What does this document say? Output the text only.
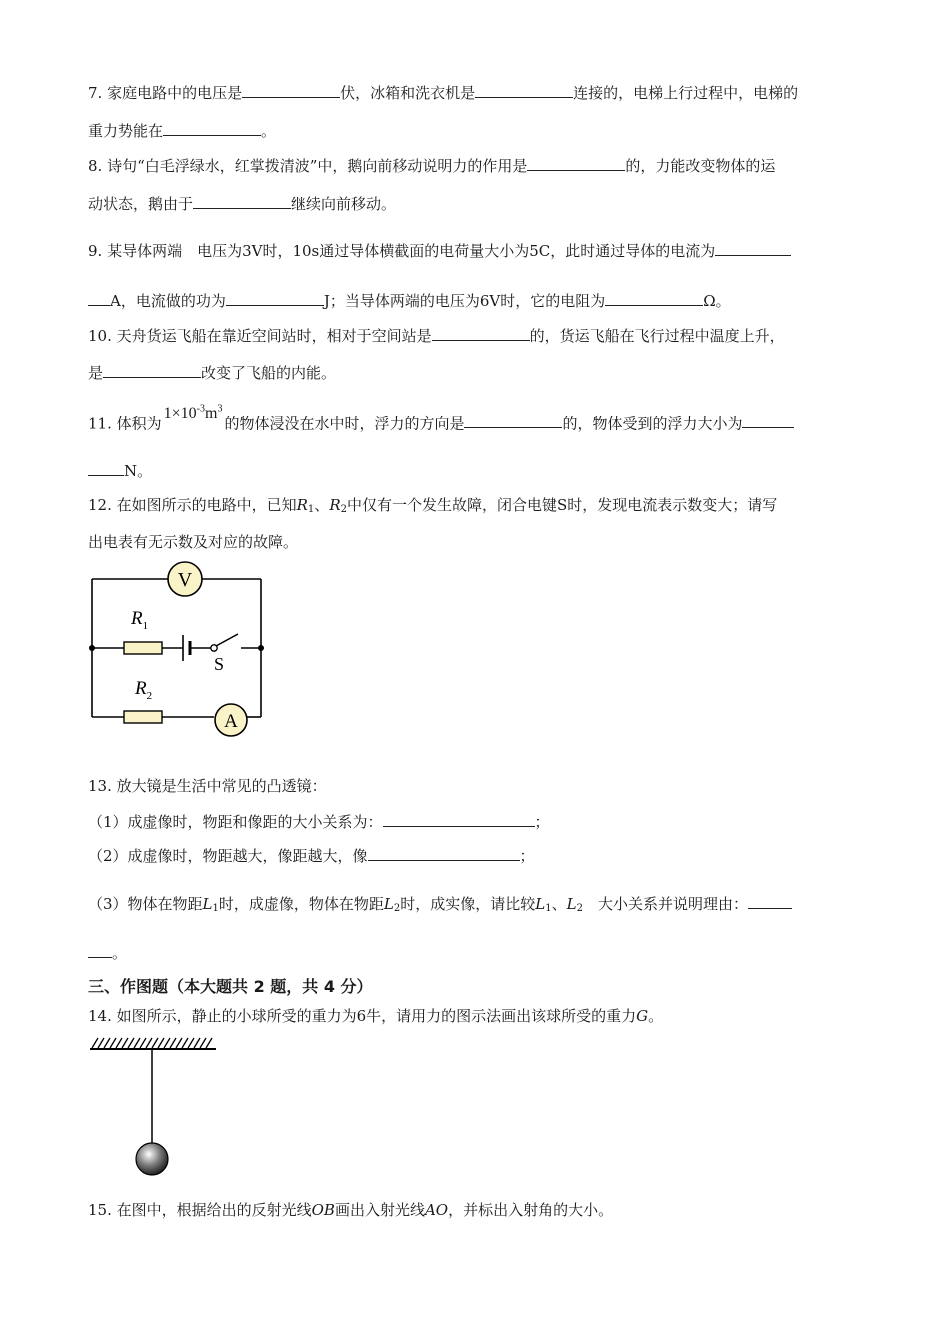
7. 家庭电路中的电压是	伏，冰箱和洗衣机是	连接的，电梯上行过程中，电梯的
重力势能在	。
8. 诗句“白毛浮绿水，红掌拨清波”中，鹅向前移动说明力的作用是	的，力能改变物体的运
动状态，鹅由于	继续向前移动。
9. 某导体两端　电压为3V时，10s通过导体横截面的电荷量大小为5C，此时通过导体的电流为
A，电流做的功为	J；当导体两端的电压为6V时，它的电阻为	Ω。
10. 天舟货运飞船在靠近空间站时，相对于空间站是	的，货运飞船在飞行过程中温度上升，
是	改变了飞船的内能。
11. 体积为$1\times 10^{-3}m^3$的物体浸没在水中时，浮力的方向是	的，物体受到的浮力大小为
N。
12. 在如图所示的电路中，已知$R_1$、$R_2$中仅有一个发生故障，闭合电键S时，发现电流表示数变大；请写
出电表有无示数及对应的故障。
V
$R_1$
S
A
$R_2$
13. 放大镜是生活中常见的凸透镜：
（1）成虚像时，物距和像距的大小关系为：	；
（2）成虚像时，物距越大，像距越大，像	；
（3）物体在物距$L_1$时，成虚像，物体在物距$L_2$时，成实像，请比较$L_1$、$L_2$　大小关系并说明理由：
。
三、作图题（本大题共 2 题，共 4 分）
14. 如图所示，静止的小球所受的重力为6牛，请用力的图示法画出该球所受的重力G。
15. 在图中，根据给出的反射光线OB画出入射光线AO，并标出入射角的大小。
